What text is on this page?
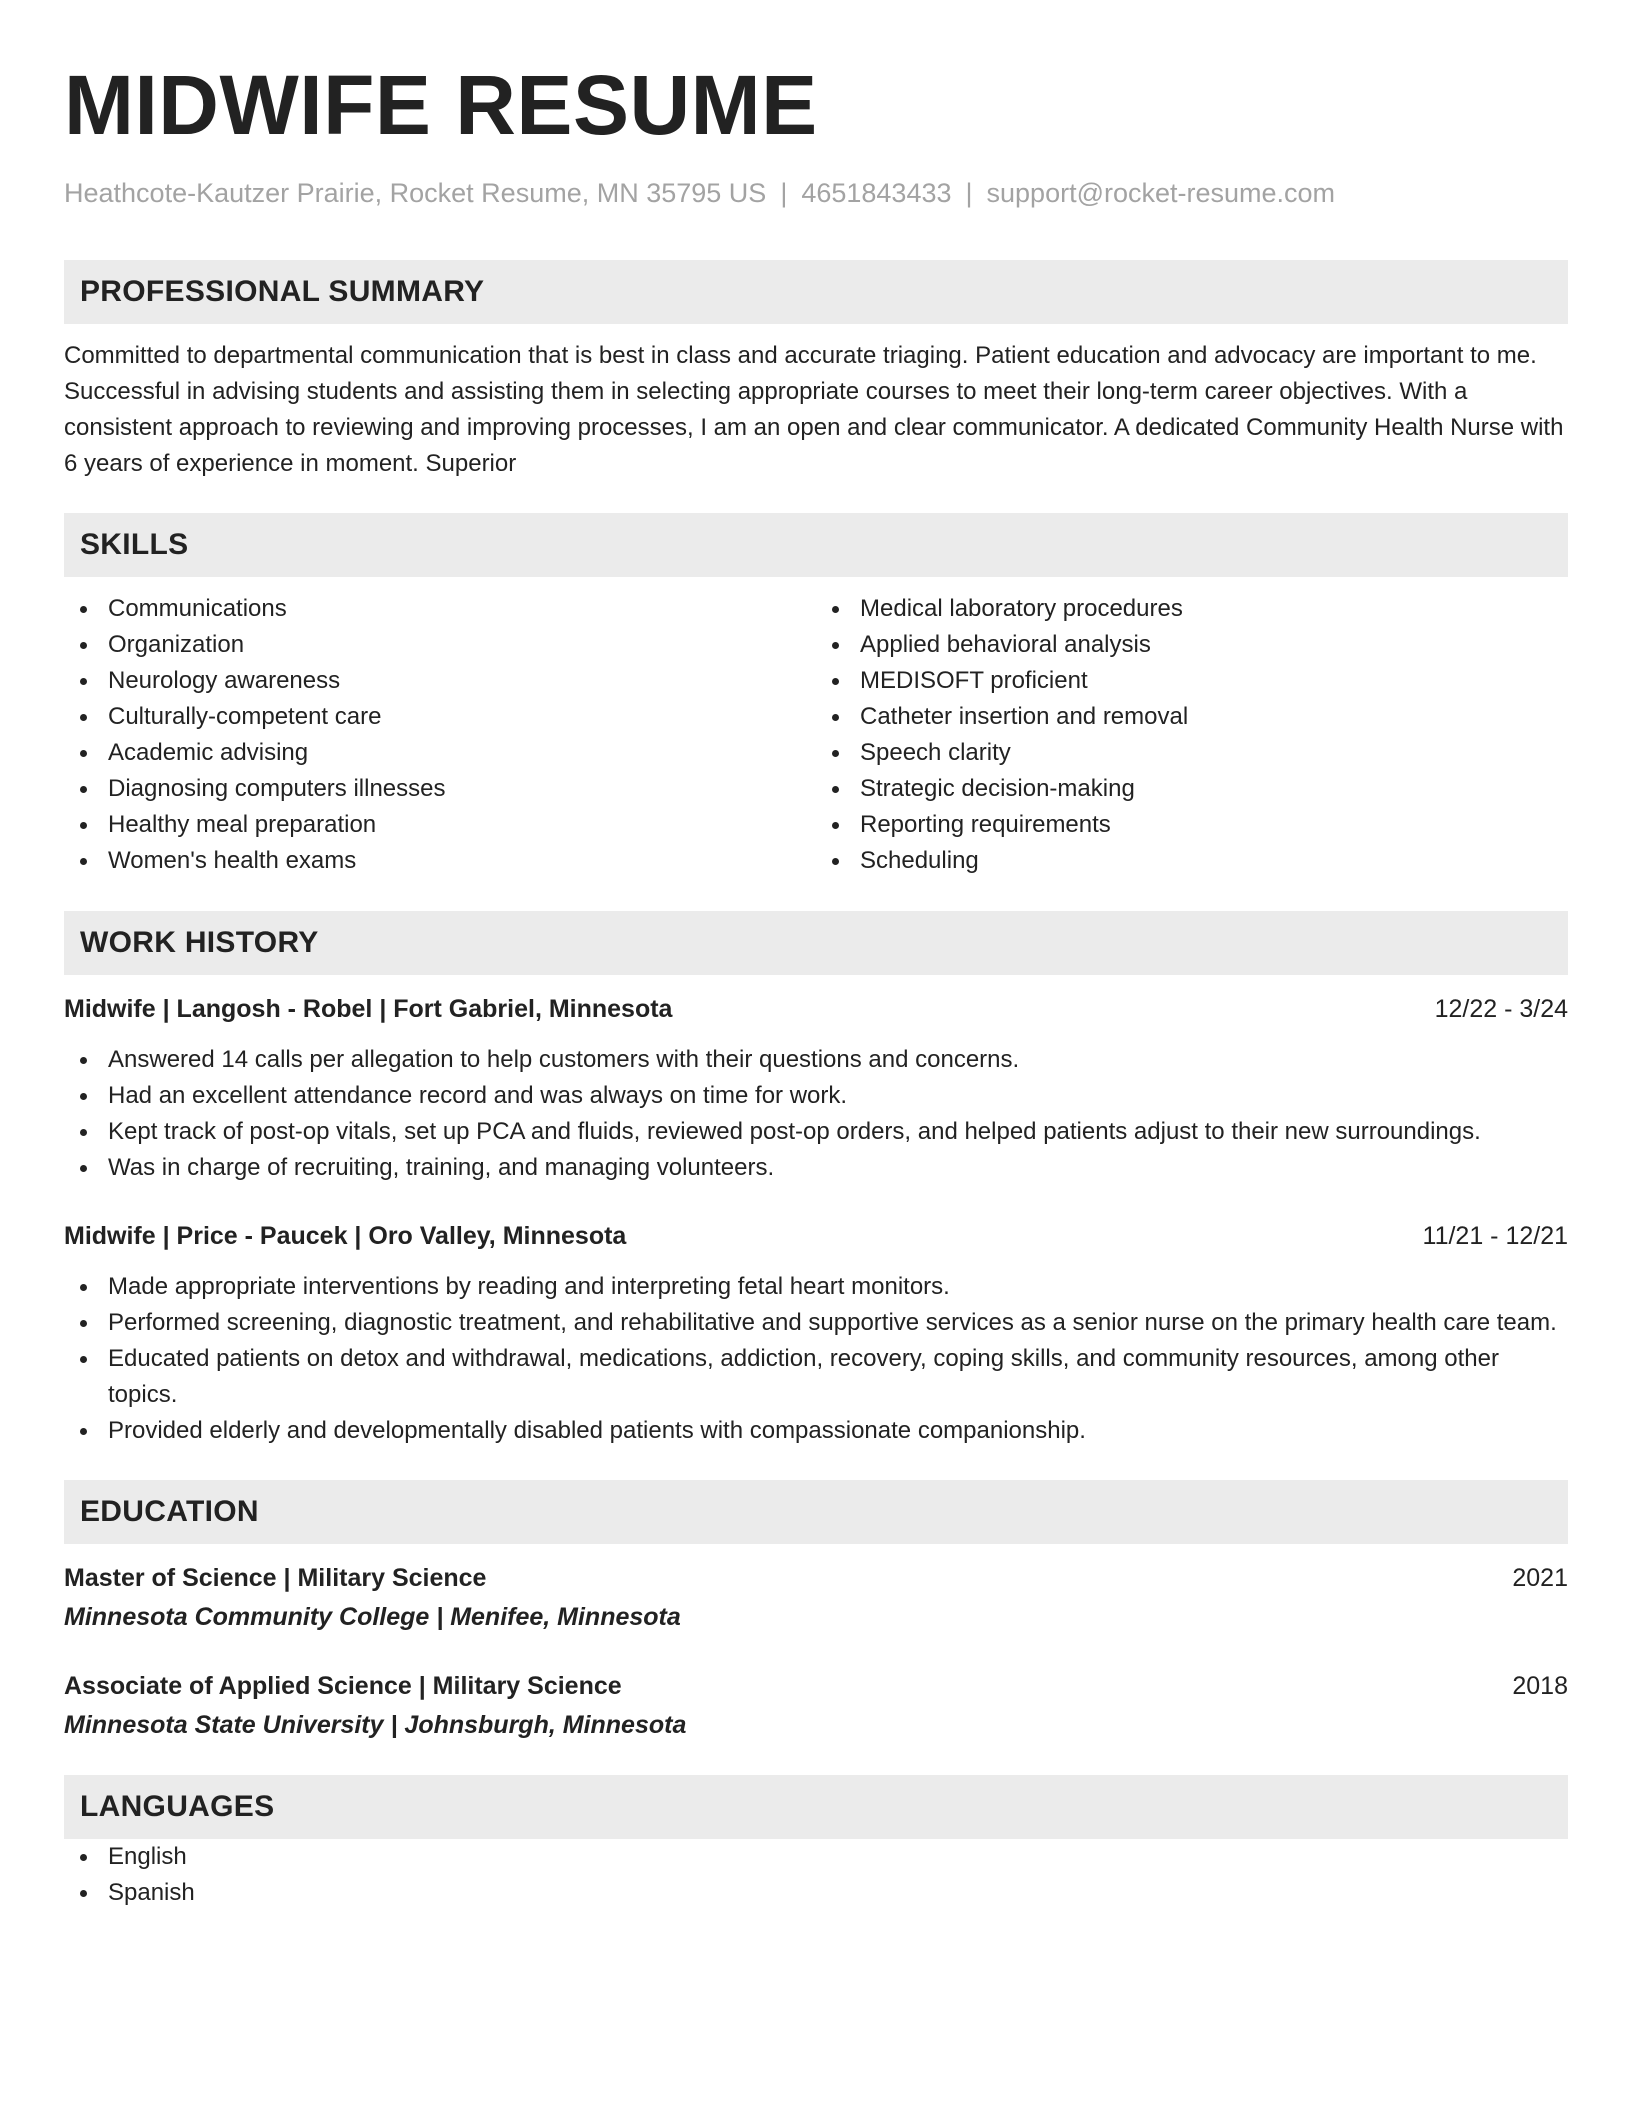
MIDWIFE RESUME
Heathcote-Kautzer Prairie, Rocket Resume, MN 35795 US | 4651843433 | support@rocket-resume.com
PROFESSIONAL SUMMARY
Committed to departmental communication that is best in class and accurate triaging. Patient education and advocacy are important to me. Successful in advising students and assisting them in selecting appropriate courses to meet their long-term career objectives. With a consistent approach to reviewing and improving processes, I am an open and clear communicator. A dedicated Community Health Nurse with 6 years of experience in moment. Superior
SKILLS
Communications
Organization
Neurology awareness
Culturally-competent care
Academic advising
Diagnosing computers illnesses
Healthy meal preparation
Women's health exams
Medical laboratory procedures
Applied behavioral analysis
MEDISOFT proficient
Catheter insertion and removal
Speech clarity
Strategic decision-making
Reporting requirements
Scheduling
WORK HISTORY
Midwife | Langosh - Robel | Fort Gabriel, Minnesota	12/22 - 3/24
Answered 14 calls per allegation to help customers with their questions and concerns.
Had an excellent attendance record and was always on time for work.
Kept track of post-op vitals, set up PCA and fluids, reviewed post-op orders, and helped patients adjust to their new surroundings.
Was in charge of recruiting, training, and managing volunteers.
Midwife | Price - Paucek | Oro Valley, Minnesota	11/21 - 12/21
Made appropriate interventions by reading and interpreting fetal heart monitors.
Performed screening, diagnostic treatment, and rehabilitative and supportive services as a senior nurse on the primary health care team.
Educated patients on detox and withdrawal, medications, addiction, recovery, coping skills, and community resources, among other topics.
Provided elderly and developmentally disabled patients with compassionate companionship.
EDUCATION
Master of Science | Military Science	2021
Minnesota Community College | Menifee, Minnesota
Associate of Applied Science | Military Science	2018
Minnesota State University | Johnsburgh, Minnesota
LANGUAGES
English
Spanish
